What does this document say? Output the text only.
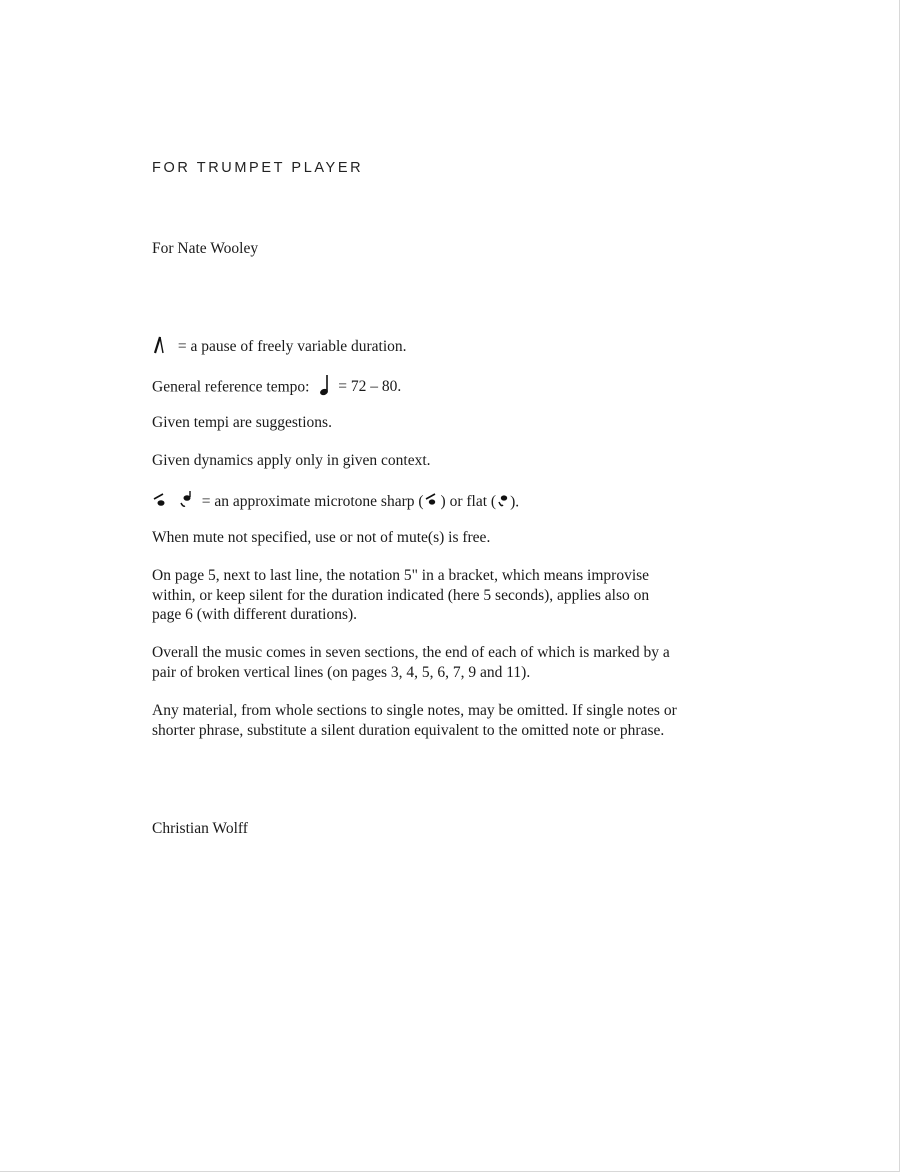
FOR TRUMPET PLAYER
For Nate Wooley
= a pause of freely variable duration.
General reference tempo: = 72 – 80.
Given tempi are suggestions.
Given dynamics apply only in given context.
= an approximate microtone sharp ( ) or flat ( ).
When mute not specified, use or not of mute(s) is free.
On page 5, next to last line, the notation 5" in a bracket, which means improvise
within, or keep silent for the duration indicated (here 5 seconds), applies also on
page 6 (with different durations).
Overall the music comes in seven sections, the end of each of which is marked by a
pair of broken vertical lines (on pages 3, 4, 5, 6, 7, 9 and 11).
Any material, from whole sections to single notes, may be omitted. If single notes or
shorter phrase, substitute a silent duration equivalent to the omitted note or phrase.
Christian Wolff
